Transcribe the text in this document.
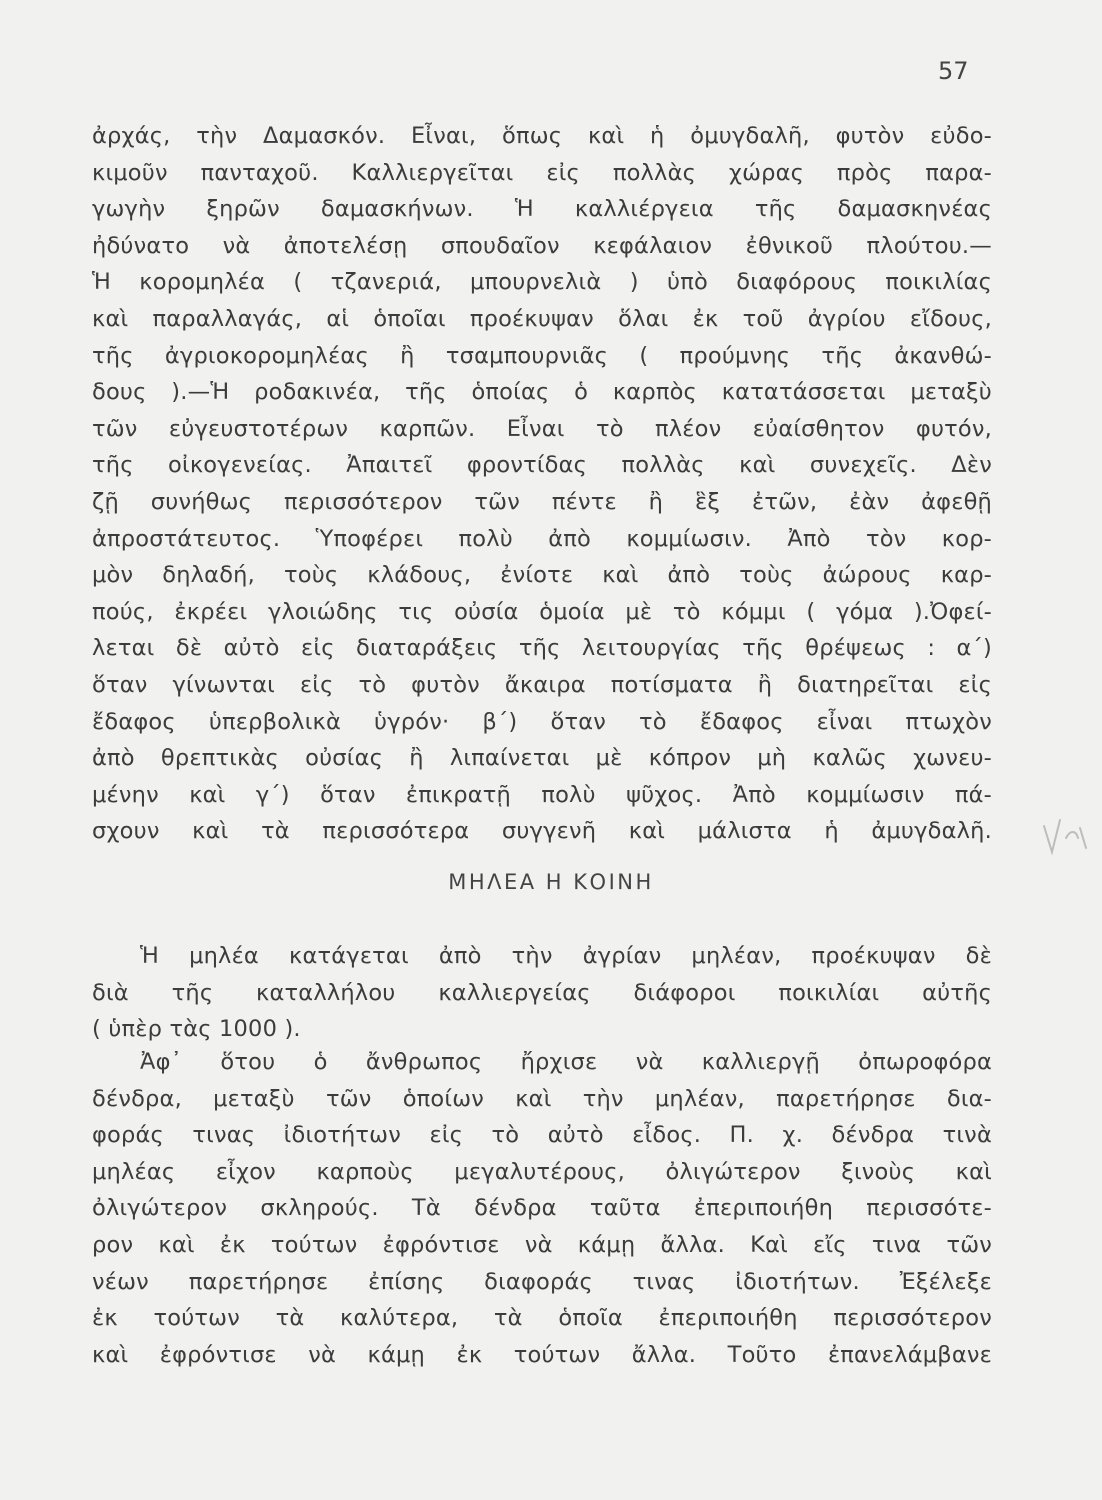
57
ἀρχάς, τὴν Δαμασκόν. Εἶναι, ὅπως καὶ ἡ ὀμυγδαλῆ, φυτὸν εὐδο-
κιμοῦν πανταχοῦ. Καλλιεργεῖται εἰς πολλὰς χώρας πρὸς παρα-
γωγὴν ξηρῶν δαμασκήνων. Ἡ καλλιέργεια τῆς δαμασκηνέας
ἠδύνατο νὰ ἀποτελέσῃ σπουδαῖον κεφάλαιον ἐθνικοῦ πλούτου.—
Ἡ κορομηλέα ( τζανεριά, μπουρνελιὰ ) ὑπὸ διαφόρους ποικιλίας
καὶ παραλλαγάς, αἱ ὁποῖαι προέκυψαν ὅλαι ἐκ τοῦ ἀγρίου εἴδους,
τῆς ἀγριοκορομηλέας ἢ τσαμπουρνιᾶς ( προύμνης τῆς ἀκανθώ-
δους ).—Ἡ ροδακινέα, τῆς ὁποίας ὁ καρπὸς κατατάσσεται μεταξὺ
τῶν εὐγευστοτέρων καρπῶν. Εἶναι τὸ πλέον εὐαίσθητον φυτόν,
τῆς οἰκογενείας. Ἀπαιτεῖ φροντίδας πολλὰς καὶ συνεχεῖς. Δὲν
ζῇ συνήθως περισσότερον τῶν πέντε ἢ ἓξ ἐτῶν, ἐὰν ἀφεθῇ
ἀπροστάτευτος. Ὑποφέρει πολὺ ἀπὸ κομμίωσιν. Ἀπὸ τὸν κορ-
μὸν δηλαδή, τοὺς κλάδους, ἐνίοτε καὶ ἀπὸ τοὺς ἀώρους καρ-
πούς, ἐκρέει γλοιώδης τις οὐσία ὁμοία μὲ τὸ κόμμι ( γόμα ).Ὀφεί-
λεται δὲ αὐτὸ εἰς διαταράξεις τῆς λειτουργίας τῆς θρέψεως : α΄)
ὅταν γίνωνται εἰς τὸ φυτὸν ἄκαιρα ποτίσματα ἢ διατηρεῖται εἰς
ἔδαφος ὑπερβολικὰ ὑγρόν· β΄) ὅταν τὸ ἔδαφος εἶναι πτωχὸν
ἀπὸ θρεπτικὰς οὐσίας ἢ λιπαίνεται μὲ κόπρον μὴ καλῶς χωνευ-
μένην καὶ γ΄) ὅταν ἐπικρατῇ πολὺ ψῦχος. Ἀπὸ κομμίωσιν πά-
σχουν καὶ τὰ περισσότερα συγγενῆ καὶ μάλιστα ἡ ἀμυγδαλῆ.
ΜΗΛΕΑ Η ΚΟΙΝΗ
Ἡ μηλέα κατάγεται ἀπὸ τὴν ἀγρίαν μηλέαν, προέκυψαν δὲ
διὰ τῆς καταλλήλου καλλιεργείας διάφοροι ποικιλίαι αὐτῆς
( ὑπὲρ τὰς 1000 ).
Ἀφ᾽ ὅτου ὁ ἄνθρωπος ἤρχισε νὰ καλλιεργῇ ὀπωροφόρα
δένδρα, μεταξὺ τῶν ὁποίων καὶ τὴν μηλέαν, παρετήρησε δια-
φοράς τινας ἰδιοτήτων εἰς τὸ αὐτὸ εἶδος. Π. χ. δένδρα τινὰ
μηλέας εἶχον καρποὺς μεγαλυτέρους, ὀλιγώτερον ξινοὺς καὶ
ὀλιγώτερον σκληρούς. Τὰ δένδρα ταῦτα ἐπεριποιήθη περισσότε-
ρον καὶ ἐκ τούτων ἐφρόντισε νὰ κάμῃ ἄλλα. Καὶ εἴς τινα τῶν
νέων παρετήρησε ἐπίσης διαφοράς τινας ἰδιοτήτων. Ἐξέλεξε
ἐκ τούτων τὰ καλύτερα, τὰ ὁποῖα ἐπεριποιήθη περισσότερον
καὶ ἐφρόντισε νὰ κάμῃ ἐκ τούτων ἄλλα. Τοῦτο ἐπανελάμβανε
